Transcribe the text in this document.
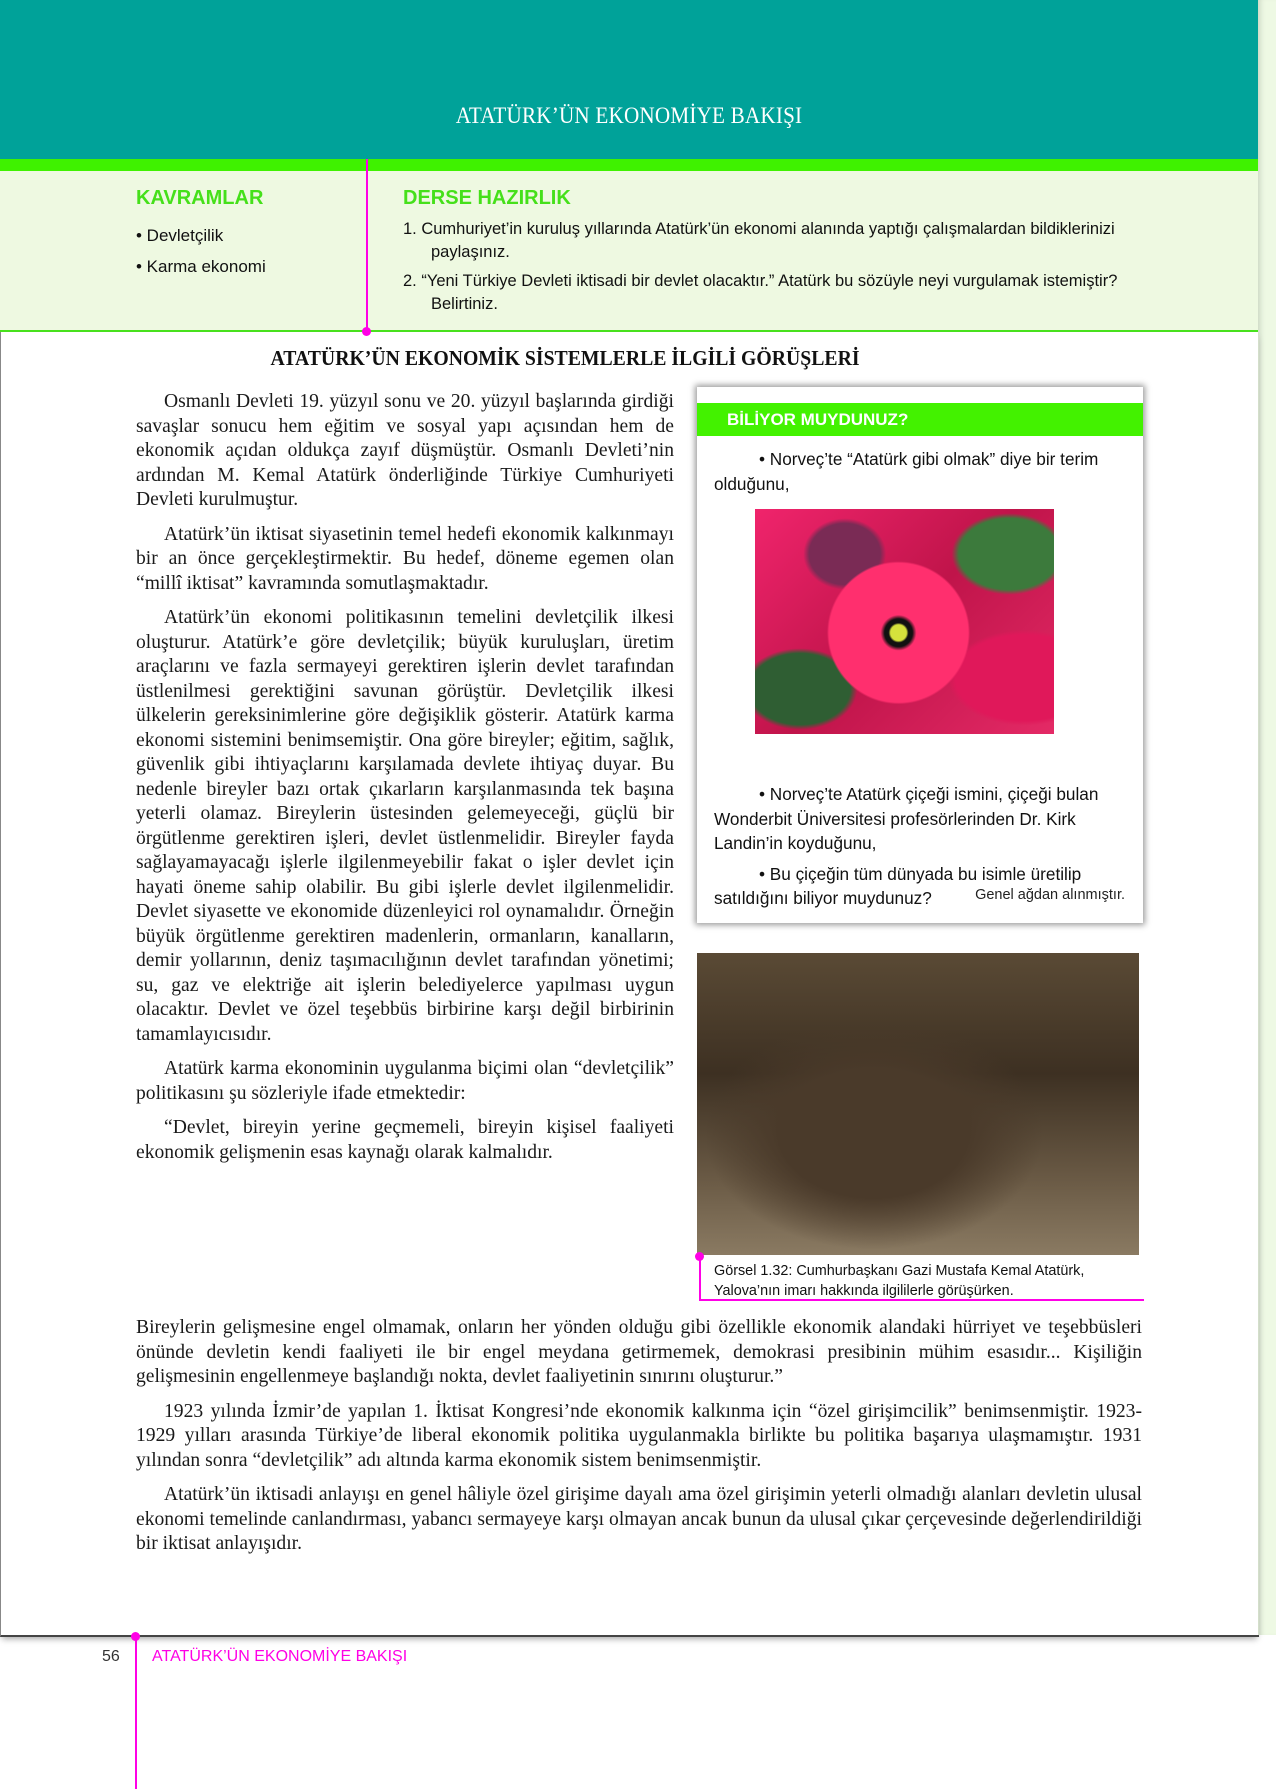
ATATÜRK’ÜN EKONOMİYE BAKIŞI
KAVRAMLAR
• Devletçilik
• Karma ekonomi
DERSE HAZIRLIK
1. Cumhuriyet’in kuruluş yıllarında Atatürk’ün ekonomi alanında yaptığı çalışmalardan bildiklerinizi paylaşınız.
2. “Yeni Türkiye Devleti iktisadi bir devlet olacaktır.” Atatürk bu sözüyle neyi vurgulamak istemiştir? Belirtiniz.
ATATÜRK’ÜN EKONOMİK SİSTEMLERLE İLGİLİ GÖRÜŞLERİ

Osmanlı Devleti 19. yüzyıl sonu ve 20. yüzyıl başlarında girdiği savaşlar sonucu hem eğitim ve sosyal yapı açısından hem de ekonomik açıdan oldukça zayıf düşmüştür. Osmanlı Devleti’nin ardından M. Kemal Atatürk önderliğinde Türkiye Cumhuriyeti Devleti kurulmuştur.

Atatürk’ün iktisat siyasetinin temel hedefi ekonomik kalkınmayı bir an önce gerçekleştirmektir. Bu hedef, döneme egemen olan “millî iktisat” kavramında somutlaşmaktadır.

Atatürk’ün ekonomi politikasının temelini devletçilik ilkesi oluşturur. Atatürk’e göre devletçilik; büyük kuruluşları, üretim araçlarını ve fazla sermayeyi gerektiren işlerin devlet tarafından üstlenilmesi gerektiğini savunan görüştür. Devletçilik ilkesi ülkelerin gereksinimlerine göre değişiklik gösterir. Atatürk karma ekonomi sistemini benimsemiştir. Ona göre bireyler; eğitim, sağlık, güvenlik gibi ihtiyaçlarını karşılamada devlete ihtiyaç duyar. Bu nedenle bireyler bazı ortak çıkarların karşılanmasında tek başına yeterli olamaz. Bireylerin üstesinden gelemeyeceği, güçlü bir örgütlenme gerektiren işleri, devlet üstlenmelidir. Bireyler fayda sağlayamayacağı işlerle ilgilenmeyebilir fakat o işler devlet için hayati öneme sahip olabilir. Bu gibi işlerle devlet ilgilenmelidir. Devlet siyasette ve ekonomide düzenleyici rol oynamalıdır. Örneğin büyük örgütlenme gerektiren madenlerin, ormanların, kanalların, demir yollarının, deniz taşımacılığının devlet tarafından yönetimi; su, gaz ve elektriğe ait işlerin belediyelerce yapılması uygun olacaktır. Devlet ve özel teşebbüs birbirine karşı değil birbirinin tamamlayıcısıdır.

Atatürk karma ekonominin uygulanma biçimi olan “devletçilik” politikasını şu sözleriyle ifade etmektedir:

“Devlet, bireyin yerine geçmemeli, bireyin kişisel faaliyeti ekonomik gelişmenin esas kaynağı olarak kalmalıdır.

Bireylerin gelişmesine engel olmamak, onların her yönden olduğu gibi özellikle ekonomik alandaki hürriyet ve teşebbüsleri önünde devletin kendi faaliyeti ile bir engel meydana getirmemek, demokrasi presibinin mühim esasıdır... Kişiliğin gelişmesinin engellenmeye başlandığı nokta, devlet faaliyetinin sınırını oluşturur.”

1923 yılında İzmir’de yapılan 1. İktisat Kongresi’nde ekonomik kalkınma için “özel girişimcilik” benimsenmiştir. 1923-1929 yılları arasında Türkiye’de liberal ekonomik politika uygulanmakla birlikte bu politika başarıya ulaşmamıştır. 1931 yılından sonra “devletçilik” adı altında karma ekonomik sistem benimsenmiştir.

Atatürk’ün iktisadi anlayışı en genel hâliyle özel girişime dayalı ama özel girişimin yeterli olmadığı alanları devletin ulusal ekonomi temelinde canlandırması, yabancı sermayeye karşı olmayan ancak bunun da ulusal çıkar çerçevesinde değerlendirildiği bir iktisat anlayışıdır.

BİLİYOR MUYDUNUZ?
• Norveç’te “Atatürk gibi olmak” diye bir terim olduğunu,
• Norveç’te Atatürk çiçeği ismini, çiçeği bulan Wonderbit Üniversitesi profesörlerinden Dr. Kirk Landin’in koyduğunu,
• Bu çiçeğin tüm dünyada bu isimle üretilip satıldığını biliyor muydunuz?	Genel ağdan alınmıştır.
Görsel 1.32: Cumhurbaşkanı Gazi Mustafa Kemal Atatürk, Yalova’nın imarı hakkında ilgililerle görüşürken.
56 ATATÜRK’ÜN EKONOMİYE BAKIŞI
